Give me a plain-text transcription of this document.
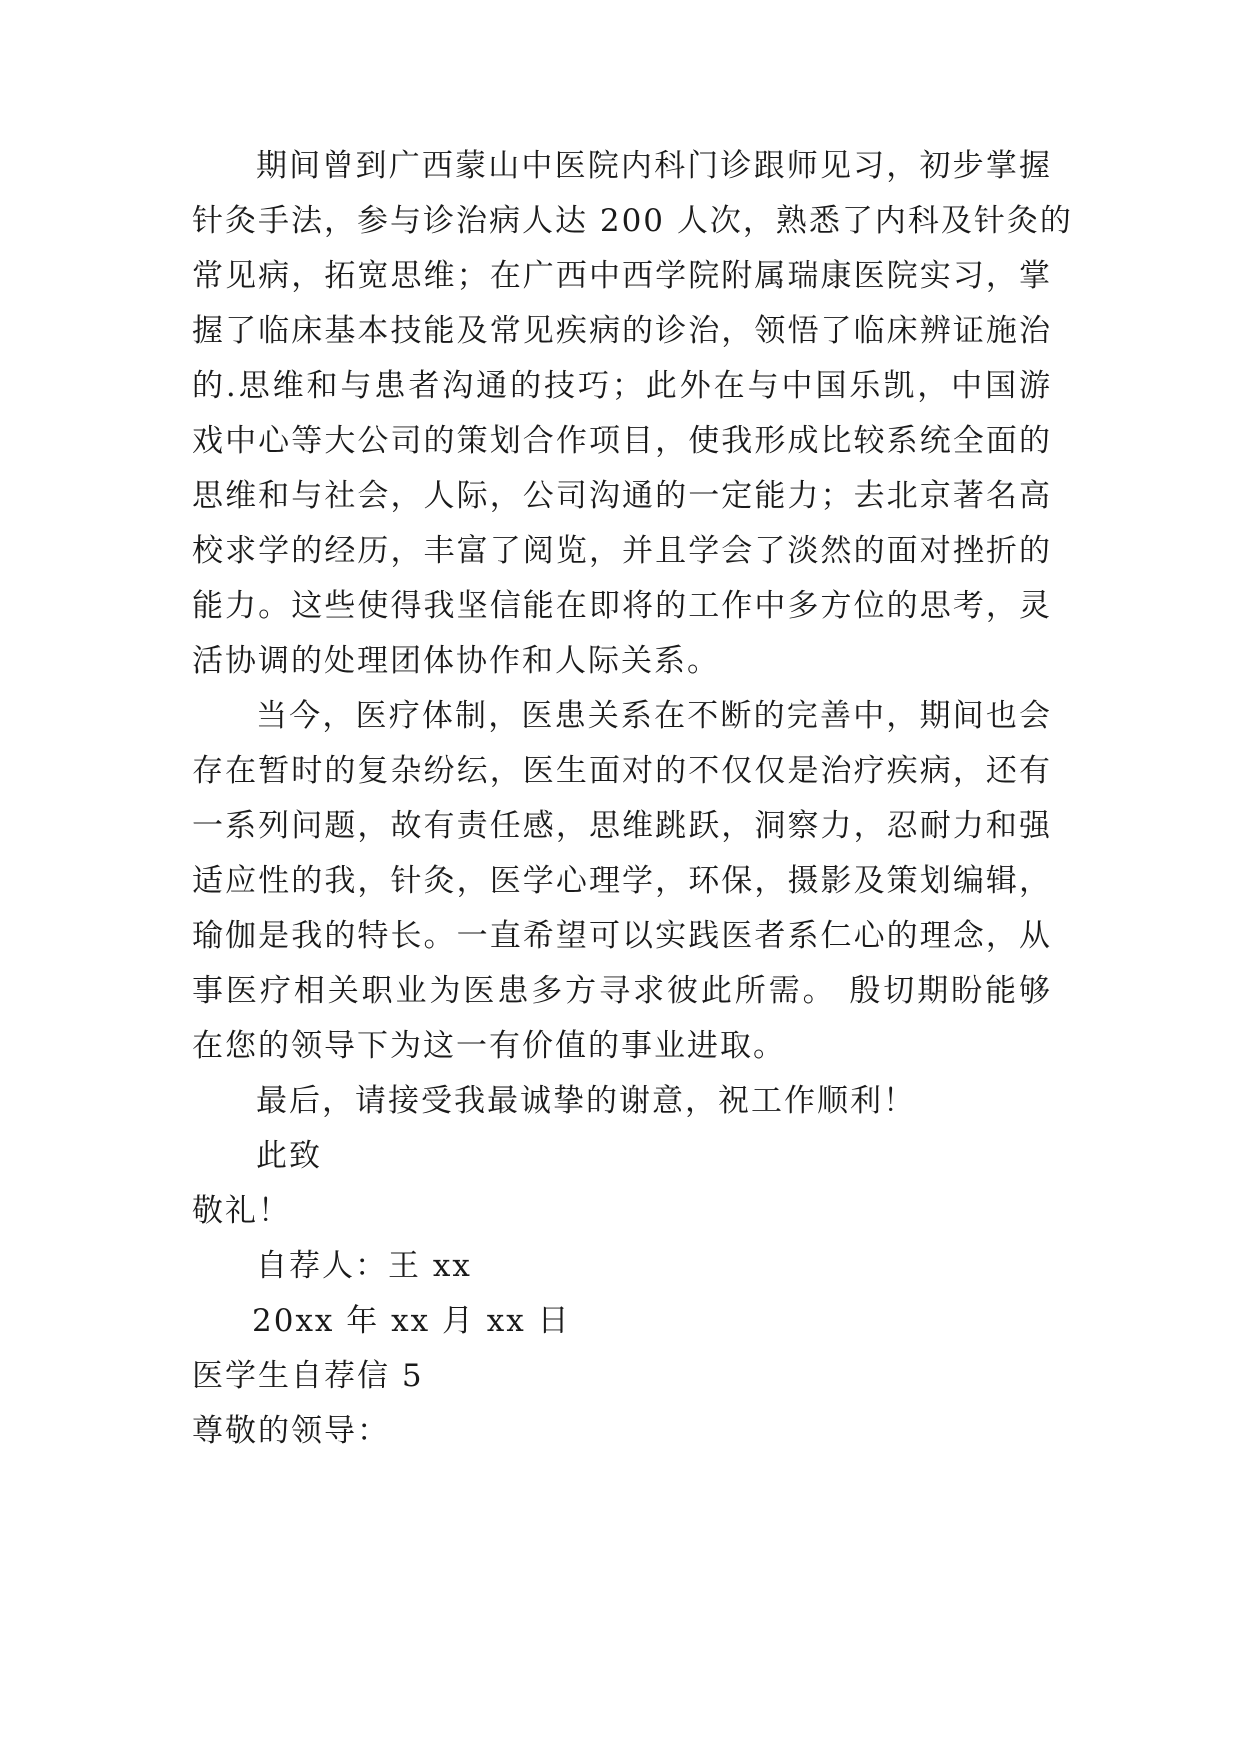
期间曾到广西蒙山中医院内科门诊跟师见习，初步掌握
针灸手法，参与诊治病人达 200 人次，熟悉了内科及针灸的
常见病，拓宽思维；在广西中西学院附属瑞康医院实习，掌
握了临床基本技能及常见疾病的诊治，领悟了临床辨证施治
的.思维和与患者沟通的技巧；此外在与中国乐凯，中国游
戏中心等大公司的策划合作项目，使我形成比较系统全面的
思维和与社会，人际，公司沟通的一定能力；去北京著名高
校求学的经历，丰富了阅览，并且学会了淡然的面对挫折的
能力。这些使得我坚信能在即将的工作中多方位的思考，灵
活协调的处理团体协作和人际关系。
当今，医疗体制，医患关系在不断的完善中，期间也会
存在暂时的复杂纷纭，医生面对的不仅仅是治疗疾病，还有
一系列问题，故有责任感，思维跳跃，洞察力，忍耐力和强
适应性的我，针灸，医学心理学，环保，摄影及策划编辑，
瑜伽是我的特长。一直希望可以实践医者系仁心的理念，从
事医疗相关职业为医患多方寻求彼此所需。 殷切期盼能够
在您的领导下为这一有价值的事业进取。
最后，请接受我最诚挚的谢意，祝工作顺利！
此致
敬礼！
自荐人：王 xx
20xx 年 xx 月 xx 日
医学生自荐信 5
尊敬的领导：
